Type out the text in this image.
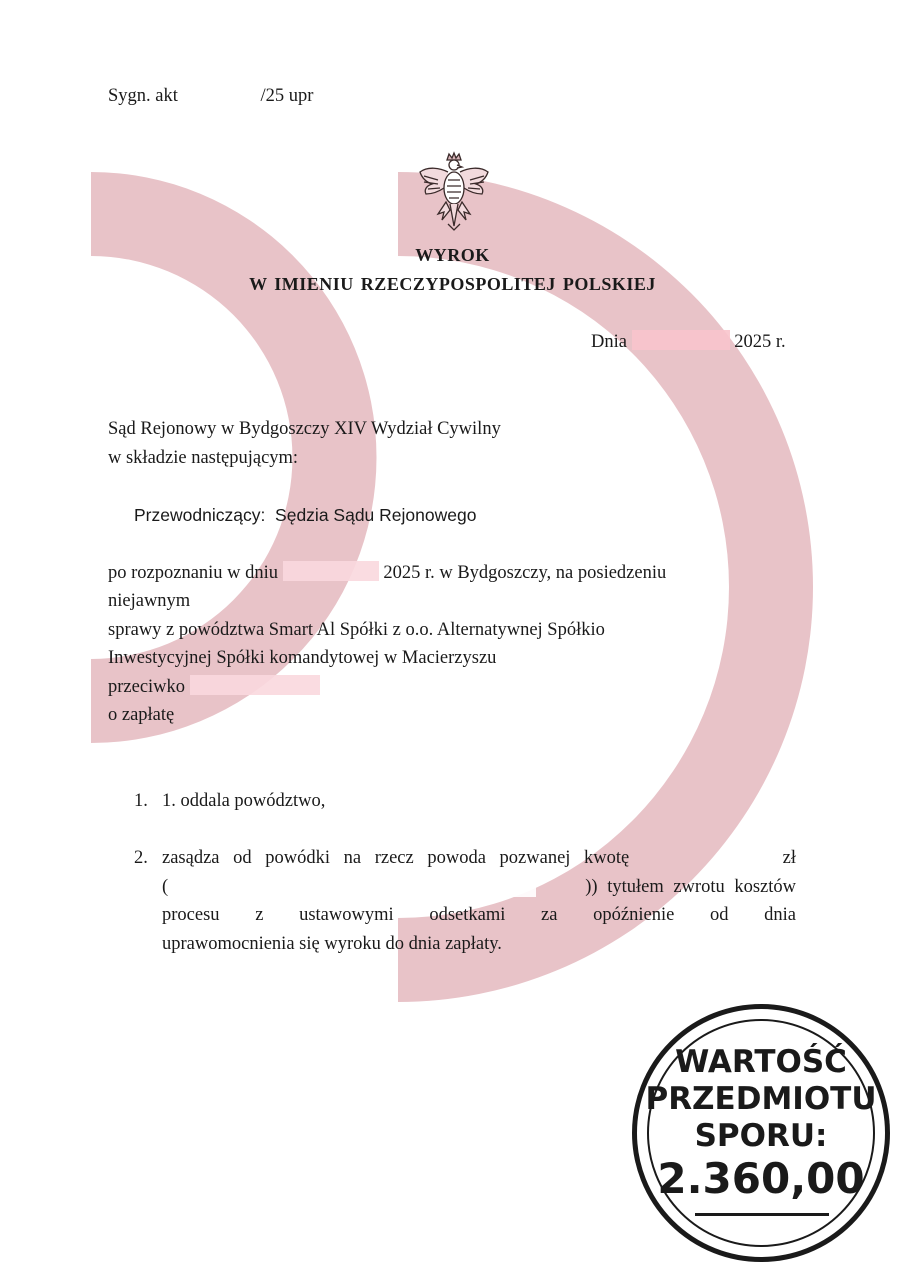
Sygn. akt	/25 upr
WYROK
W IMIENIU RZECZYPOSPOLITEJ POLSKIEJ
Dnia	2025 r.
Sąd Rejonowy w Bydgoszczy XIV Wydział Cywilny
w składzie następującym:
Przewodniczący: Sędzia Sądu Rejonowego
po rozpoznaniu w dniu	2025 r. w Bydgoszczy, na posiedzeniu
niejawnym
sprawy z powództwa Smart Al Spółki z o.o. Alternatywnej Spółkio
Inwestycyjnej Spółki komandytowej w Macierzyszu
przeciwko
o zapłatę
1. 1. oddala powództwo,
2. zasądza od powódki na rzecz powoda pozwanej kwotę	zł
(	)) tytułem zwrotu kosztów
procesu z ustawowymi odsetkami za opóźnienie od dnia
uprawomocnienia się wyroku do dnia zapłaty.
WARTOŚĆ
PRZEDMIOTU
SPORU:
2.360,00
